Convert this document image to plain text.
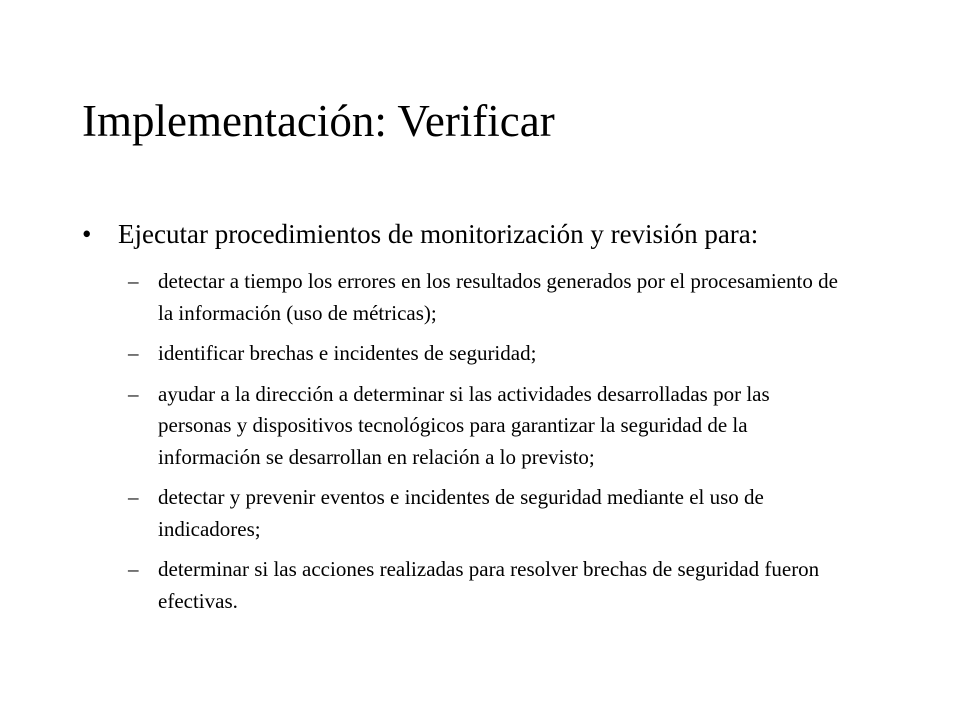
Implementación: Verificar
• Ejecutar procedimientos de monitorización y revisión para:
– detectar a tiempo los errores en los resultados generados por el procesamiento de la información (uso de métricas);
– identificar brechas e incidentes de seguridad;
– ayudar a la dirección a determinar si las actividades desarrolladas por las personas y dispositivos tecnológicos para garantizar la seguridad de la información se desarrollan en relación a lo previsto;
– detectar y prevenir eventos e incidentes de seguridad mediante el uso de indicadores;
– determinar si las acciones realizadas para resolver brechas de seguridad fueron efectivas.
